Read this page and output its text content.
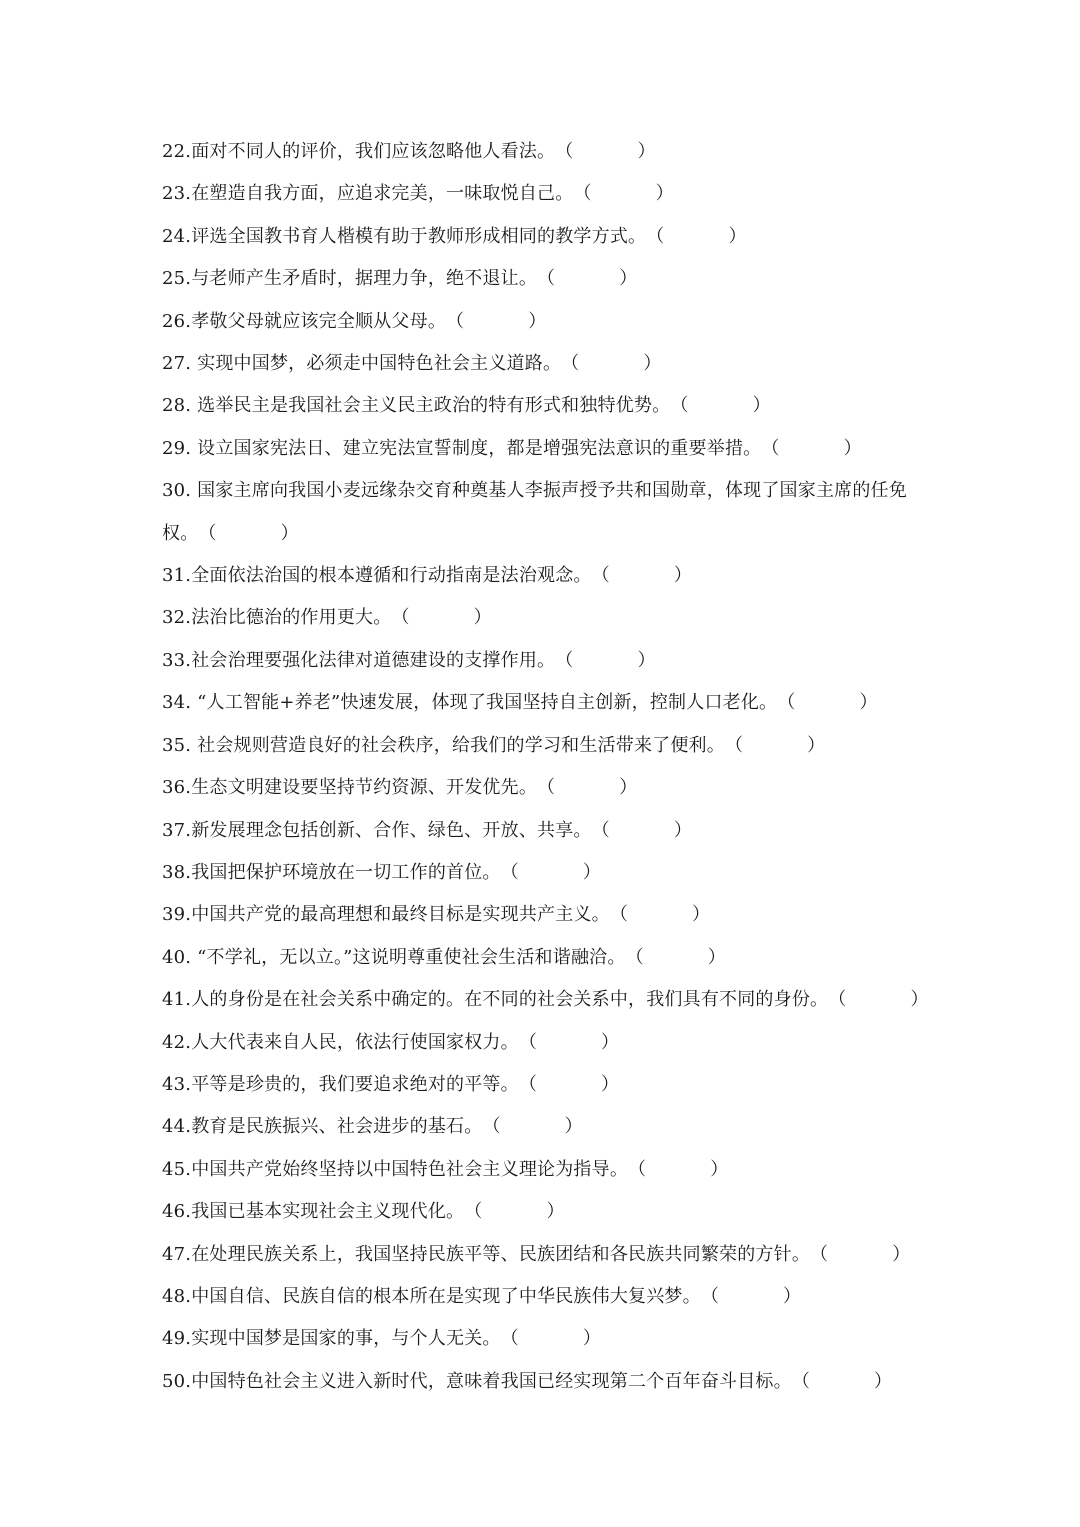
22.面对不同人的评价，我们应该忽略他人看法。（	）
23.在塑造自我方面，应追求完美，一味取悦自己。（	）
24.评选全国教书育人楷模有助于教师形成相同的教学方式。（	）
25.与老师产生矛盾时，据理力争，绝不退让。（	）
26.孝敬父母就应该完全顺从父母。（	）
27. 实现中国梦，必须走中国特色社会主义道路。（	）
28. 选举民主是我国社会主义民主政治的特有形式和独特优势。（	）
29. 设立国家宪法日、建立宪法宣誓制度，都是增强宪法意识的重要举措。（	）
30. 国家主席向我国小麦远缘杂交育种奠基人李振声授予共和国勋章，体现了国家主席的任免权。（	）
31.全面依法治国的根本遵循和行动指南是法治观念。（	）
32.法治比德治的作用更大。（	）
33.社会治理要强化法律对道德建设的支撑作用。（	）
34. “人工智能+养老”快速发展，体现了我国坚持自主创新，控制人口老化。（	）
35. 社会规则营造良好的社会秩序，给我们的学习和生活带来了便利。（	）
36.生态文明建设要坚持节约资源、开发优先。（	）
37.新发展理念包括创新、合作、绿色、开放、共享。（	）
38.我国把保护环境放在一切工作的首位。（	）
39.中国共产党的最高理想和最终目标是实现共产主义。（	）
40. “不学礼，无以立。”这说明尊重使社会生活和谐融洽。（	）
41.人的身份是在社会关系中确定的。在不同的社会关系中，我们具有不同的身份。（	）
42.人大代表来自人民，依法行使国家权力。（	）
43.平等是珍贵的，我们要追求绝对的平等。（	）
44.教育是民族振兴、社会进步的基石。（	）
45.中国共产党始终坚持以中国特色社会主义理论为指导。（	）
46.我国已基本实现社会主义现代化。（	）
47.在处理民族关系上，我国坚持民族平等、民族团结和各民族共同繁荣的方针。（	）
48.中国自信、民族自信的根本所在是实现了中华民族伟大复兴梦。（	）
49.实现中国梦是国家的事，与个人无关。（	）
50.中国特色社会主义进入新时代，意味着我国已经实现第二个百年奋斗目标。（	）
